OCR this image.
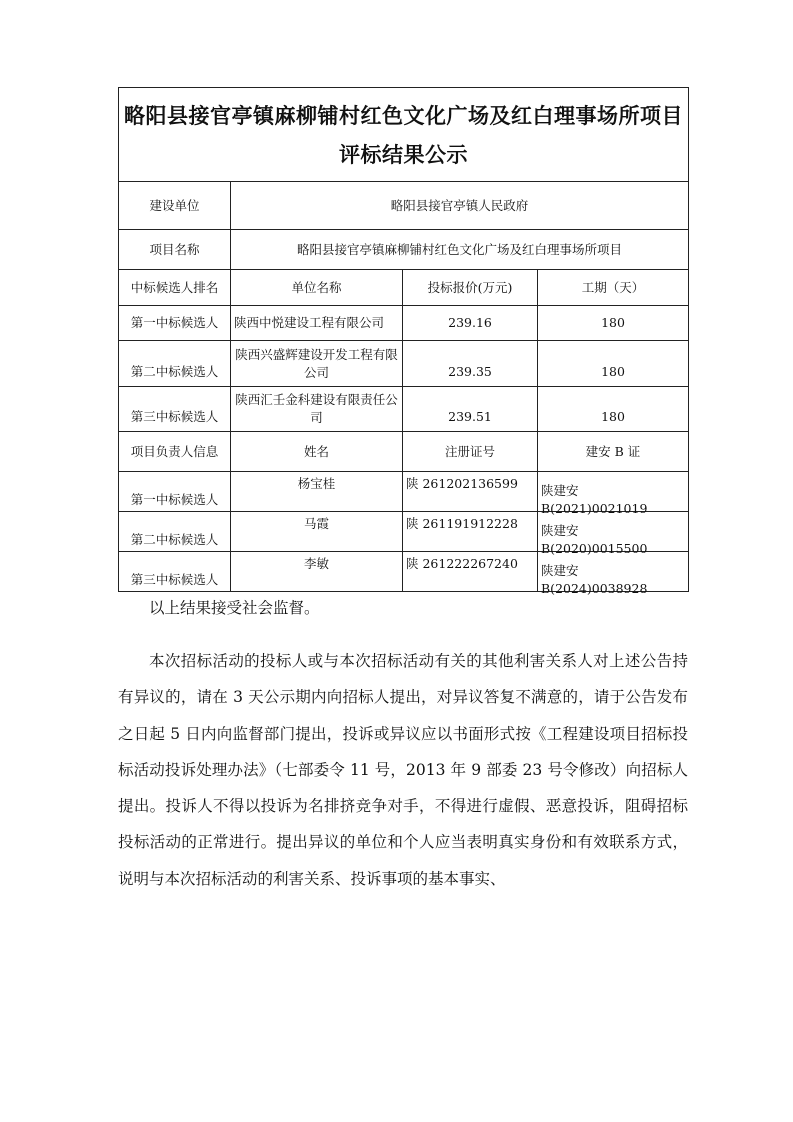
略阳县接官亭镇麻柳铺村红色文化广场及红白理事场所项目
评标结果公示			

建设单位	略阳县接官亭镇人民政府		
项目名称	略阳县接官亭镇麻柳铺村红色文化广场及红白理事场所项目		
中标候选人排名	单位名称	投标报价(万元)	工期（天）
第一中标候选人	陕西中悦建设工程有限公司	239.16	180
第二中标候选人	陕西兴盛辉建设开发工程有限公司	239.35	180
第三中标候选人	陕西汇壬金科建设有限责任公司	239.51	180
项目负责人信息	姓名	注册证号	建安 B 证
第一中标候选人	杨宝桂	陕 261202136599	陕建安 B(2021)0021019
第二中标候选人	马霞	陕 261191912228	陕建安 B(2020)0015500
第三中标候选人	李敏	陕 261222267240	陕建安 B(2024)0038928

以上结果接受社会监督。

本次招标活动的投标人或与本次招标活动有关的其他利害关系人对上述公告持有异议的，请在 3 天公示期内向招标人提出，对异议答复不满意的，请于公告发布之日起 5 日内向监督部门提出，投诉或异议应以书面形式按《工程建设项目招标投标活动投诉处理办法》（七部委令 11 号，2013 年 9 部委 23 号令修改）向招标人提出。投诉人不得以投诉为名排挤竞争对手，不得进行虚假、恶意投诉，阻碍招标投标活动的正常进行。提出异议的单位和个人应当表明真实身份和有效联系方式，说明与本次招标活动的利害关系、投诉事项的基本事实、
